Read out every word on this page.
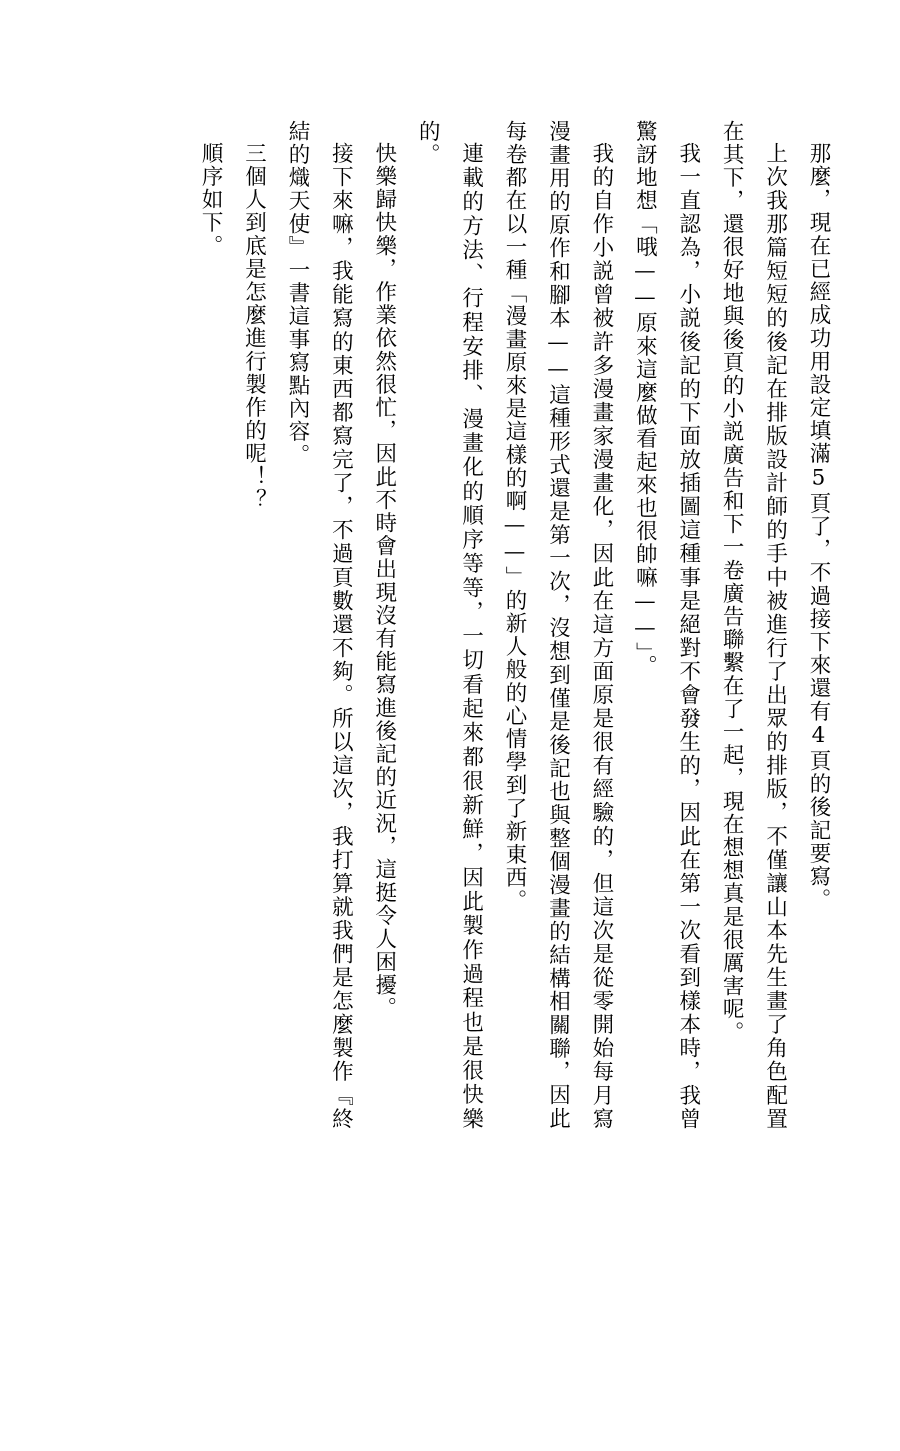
那麼，現在已經成功用設定填滿5頁了，不過接下來還有4頁的後記要寫。

上次我那篇短短的後記在排版設計師的手中被進行了出眾的排版，不僅讓山本先生畫了角色配置在其下，還很好地與後頁的小説廣告和下一卷廣告聯繫在了一起，現在想想真是很厲害呢。

我一直認為，小説後記的下面放插圖這種事是絕對不會發生的，因此在第一次看到樣本時，我曾驚訝地想「哦——原來這麼做看起來也很帥嘛——」。

我的自作小説曾被許多漫畫家漫畫化，因此在這方面原是很有經驗的，但這次是從零開始每月寫漫畫用的原作和腳本——這種形式還是第一次，沒想到僅是後記也與整個漫畫的結構相關聯，因此每卷都在以一種「漫畫原來是這樣的啊——」的新人般的心情學到了新東西。

連載的方法、行程安排、漫畫化的順序等等，一切看起來都很新鮮，因此製作過程也是很快樂的。

快樂歸快樂，作業依然很忙，因此不時會出現沒有能寫進後記的近況，這挺令人困擾。

接下來嘛，我能寫的東西都寫完了，不過頁數還不夠。所以這次，我打算就我們是怎麼製作『終結的熾天使』一書這事寫點內容。

三個人到底是怎麼進行製作的呢！？

順序如下。
